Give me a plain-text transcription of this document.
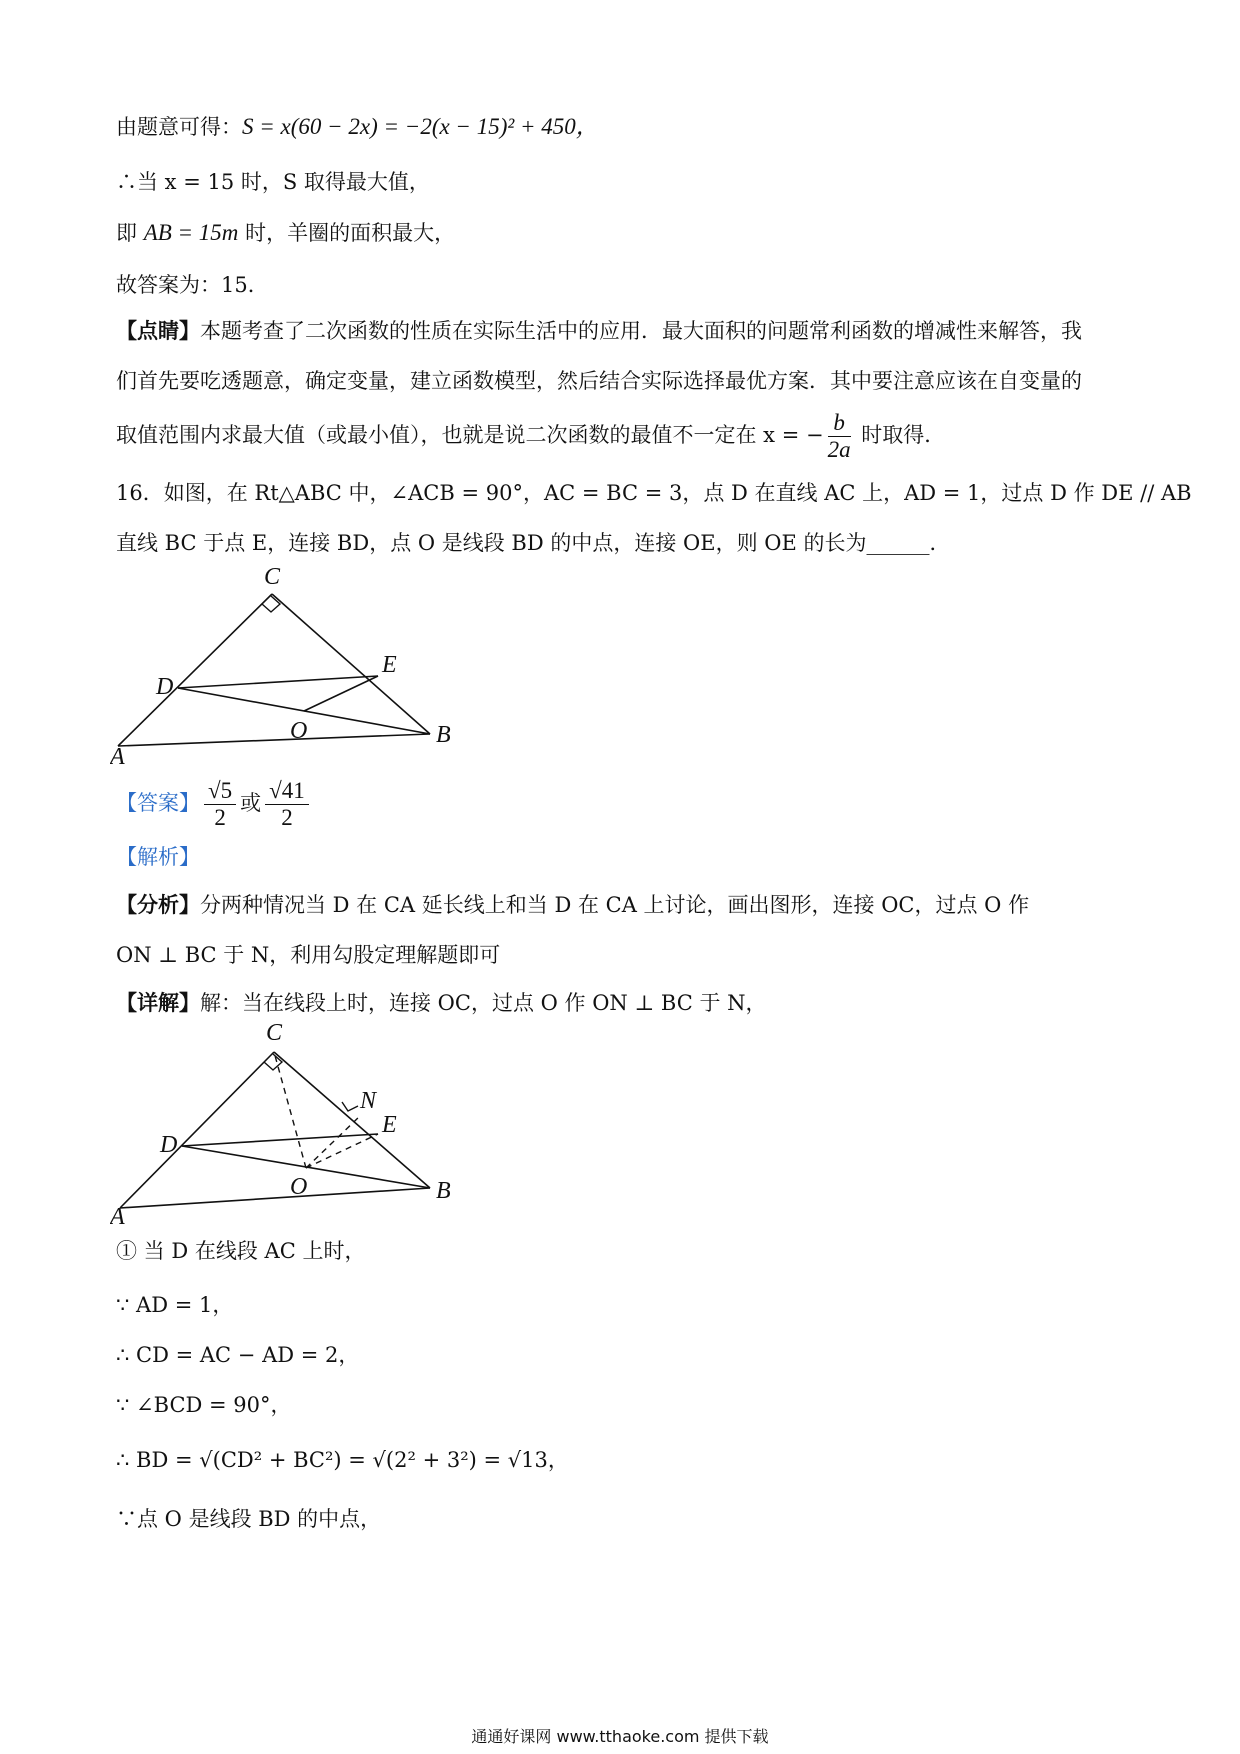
由题意可得：S = x(60 − 2x) = −2(x − 15)² + 450，
∴当 x = 15 时，S 取得最大值，
即 AB = 15m 时，羊圈的面积最大，
故答案为：15．
【点睛】本题考查了二次函数的性质在实际生活中的应用．最大面积的问题常利函数的增减性来解答，我
们首先要吃透题意，确定变量，建立函数模型，然后结合实际选择最优方案．其中要注意应该在自变量的
取值范围内求最大值（或最小值），也就是说二次函数的最值不一定在 x = − $\frac{b}{2a}$ 时取得．
16．如图，在 Rt△ABC 中，∠ACB = 90°，AC = BC = 3，点 D 在直线 AC 上，AD = 1，过点 D 作 DE // AB
直线 BC 于点 E，连接 BD，点 O 是线段 BD 的中点，连接 OE，则 OE 的长为______．
C
D
E
O
A
B
【答案】 $\frac{√5}{2}$ 或 $\frac{√41}{2}$
【解析】
【分析】分两种情况当 D 在 CA 延长线上和当 D 在 CA 上讨论，画出图形，连接 OC，过点 O 作
ON ⊥ BC 于 N，利用勾股定理解题即可
【详解】解：当在线段上时，连接 OC，过点 O 作 ON ⊥ BC 于 N，
C
N
D
E
O
A
B
① 当 D 在线段 AC 上时，
∵ AD = 1，
∴ CD = AC − AD = 2，
∵ ∠BCD = 90°，
∴ BD = √(CD² + BC²) = √(2² + 3²) = √13，
∵点 O 是线段 BD 的中点，
通通好课网 www.tthaoke.com 提供下载
